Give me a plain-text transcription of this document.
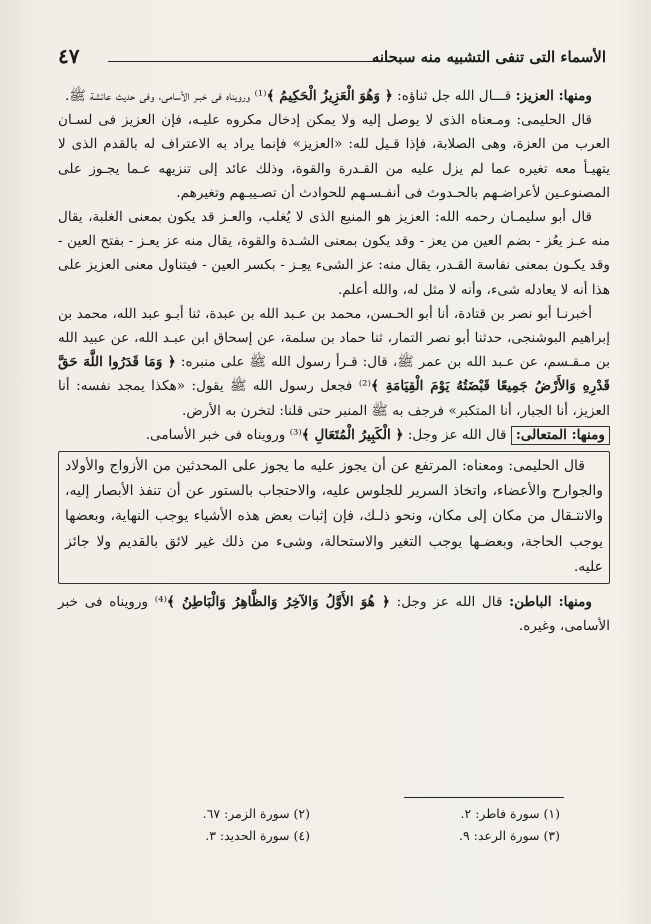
الأسماء التى تنفى التشبيه منه سبحانه
٤٧

ومنها: العزيز: قـــال الله جل ثناؤه: ﴿ وَهُوَ الْعَزِيزُ الْحَكِيمُ ﴾⁽¹⁾ ورويناه فى خبـر الأسامى، وفى حديث عائشة ﷺ.

قال الحليمى: ومـعناه الذى لا يوصل إليه ولا يمكن إدخال مكروه عليـه، فإن العزيز فى لسـان العرب من العزة، وهى الصلابة، فإذا قـيل لله: «العزيز» فإنما يراد به الاعتراف له بالقدم الذى لا يتهيـأ معه تغيره عما لم يزل عليه من القـدرة والقوة، وذلك عائد إلى تنزيهه عـما يجـوز على المصنوعـين لأعراضـهم بالحـدوث فى أنفـسـهم للحوادث أن تصـيبـهم وتغيرهم.

قال أبو سليمـان رحمه الله: العزيز هو المنيع الذى لا يُغلب، والعـز قد يكون بمعنى الغلبة، يقال منه عـز يعُز - بضم العين من يعز - وقد يكون بمعنى الشـدة والقوة، يقال منه عز يعـز - بفتح العين - وقد يكـون بمعنى نفاسة القـدر، يقال منه: عز الشىء يعِـز - بكسر العين - فيتناول معنى العزيز على هذا أنه لا يعادله شىء، وأنه لا مثل له، والله أعلم.

أخبرنـا أبو نصر بن قتادة، أنا أبو الحـسن، محمد بن عـبد الله بن عبدة، ثنا أبـو عبد الله، محمد بن إبراهيم البوشنجى، حدثنا أبو نصر التمار، ثنا حماد بن سلمة، عن إسحاق ابن عبـد الله، عن عبيد الله بن مـقـسم، عن عـبد الله بن عمر ﷺ، قال: قـرأ رسول الله ﷺ على منبره: ﴿ وَمَا قَدَرُوا اللَّهَ حَقَّ قَدْرِهِ وَالأَرْضُ جَمِيعًا قَبْضَتُهُ يَوْمَ الْقِيَامَةِ ﴾⁽²⁾ فجعل رسول الله ﷺ يقول: «هكذا يمجد نفسه: أنا العزيز، أنا الجبار، أنا المتكبر» فرجف به ﷺ المنبر حتى قلنا: لتخرن به الأرض.

ومنها: المتعالى: قال الله عز وجل: ﴿ الْكَبِيرُ الْمُتَعَالِ ﴾⁽³⁾ ورويناه فى خبر الأسامى.

قال الحليمى: ومعناه: المرتفع عن أن يجوز عليه ما يجوز على المحدثين من الأزواج والأولاد والجوارح والأعضاء، واتخاذ السرير للجلوس عليه، والاحتجاب بالستور عن أن تنفذ الأبصار إليه، والانتـقال من مكان إلى مكان، ونحو ذلـك، فإن إثبات بعض هذه الأشياء يوجب النهاية، وبعضها يوجب الحاجة، وبعضـها يوجب التغير والاستحالة، وشىء من ذلك غير لائق بالقديم ولا جائز عليه.

ومنها: الباطن: قال الله عز وجل: ﴿ هُوَ الأَوَّلُ وَالآخِرُ وَالظَّاهِرُ وَالْبَاطِنُ ﴾⁽⁴⁾ ورويناه فى خبر الأسامى، وغيره.

(١) سورة فاطر: ٢.
(٢) سورة الزمر: ٦٧.
(٣) سورة الرعد: ٩.
(٤) سورة الحديد: ٣.
